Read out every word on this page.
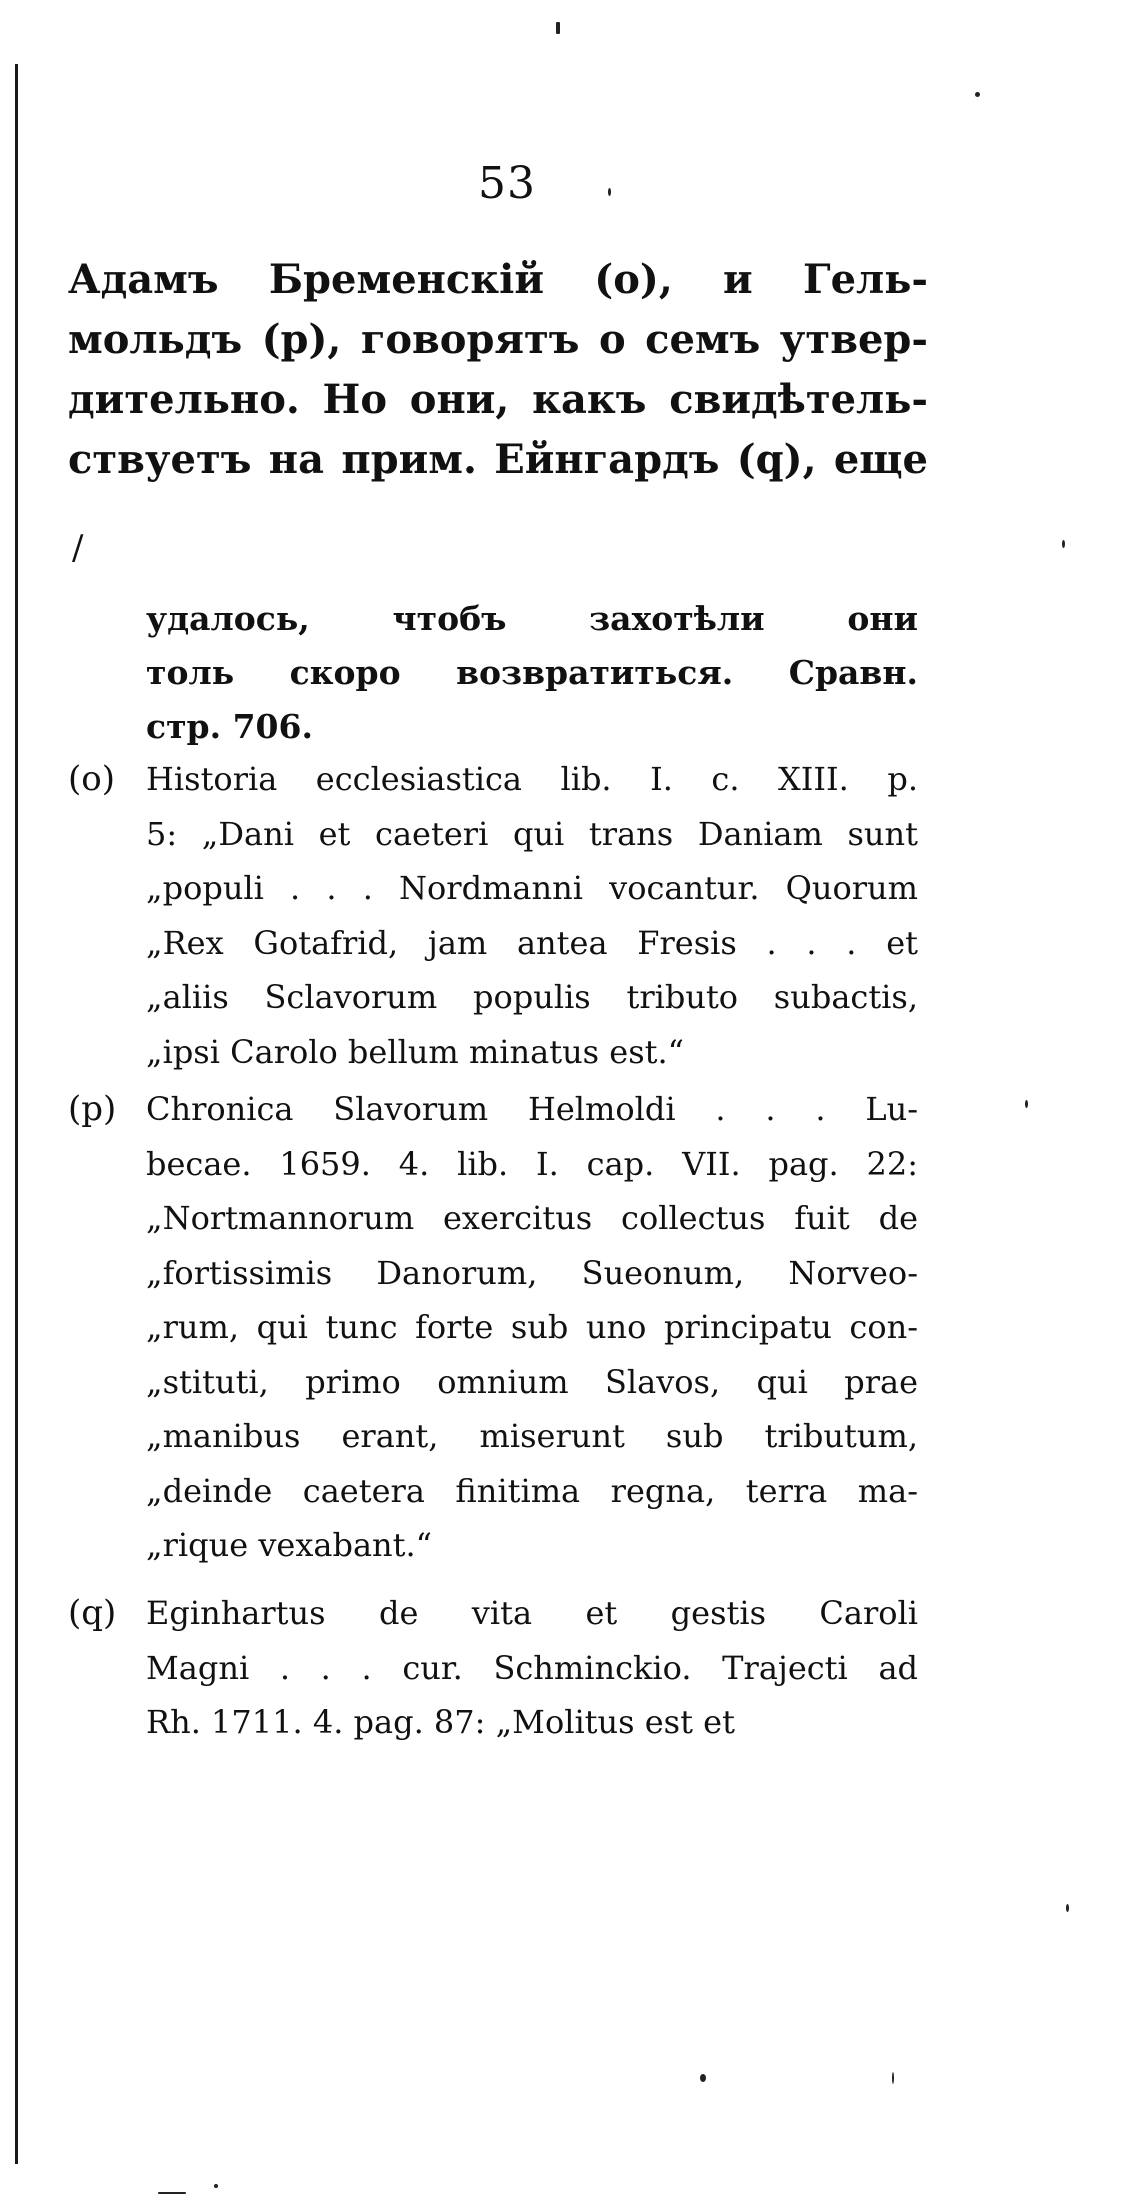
53
Адамъ Бременскій (о), и Гель-
мольдъ (р), говорятъ о семъ утвер-
дительно. Но они, какъ свидѣтель-
ствуетъ на прим. Ейнгардъ (q), еще
/
удалось, чтобъ захотѣли они
толь скоро возвратиться. Сравн.
стр. 706.
(o) Historia ecclesiastica lib. I. c. XIII. p.
5: „Dani et caeteri qui trans Daniam sunt
„populi . . . Nordmanni vocantur. Quorum
„Rex Gotafrid, jam antea Fresis . . . et
„aliis Sclavorum populis tributo subactis,
„ipsi Carolo bellum minatus est.“
(p) Chronica Slavorum Helmoldi . . . Lu-
becae. 1659. 4. lib. I. cap. VII. pag. 22:
„Nortmannorum exercitus collectus fuit de
„fortissimis Danorum, Sueonum, Norveo-
„rum, qui tunc forte sub uno principatu con-
„stituti, primo omnium Slavos, qui prae
„manibus erant, miserunt sub tributum,
„deinde caetera finitima regna, terra ma-
„rique vexabant.“
(q) Eginhartus de vita et gestis Caroli
Magni . . . cur. Schminckio. Trajecti ad
Rh. 1711. 4. pag. 87: „Molitus est et
